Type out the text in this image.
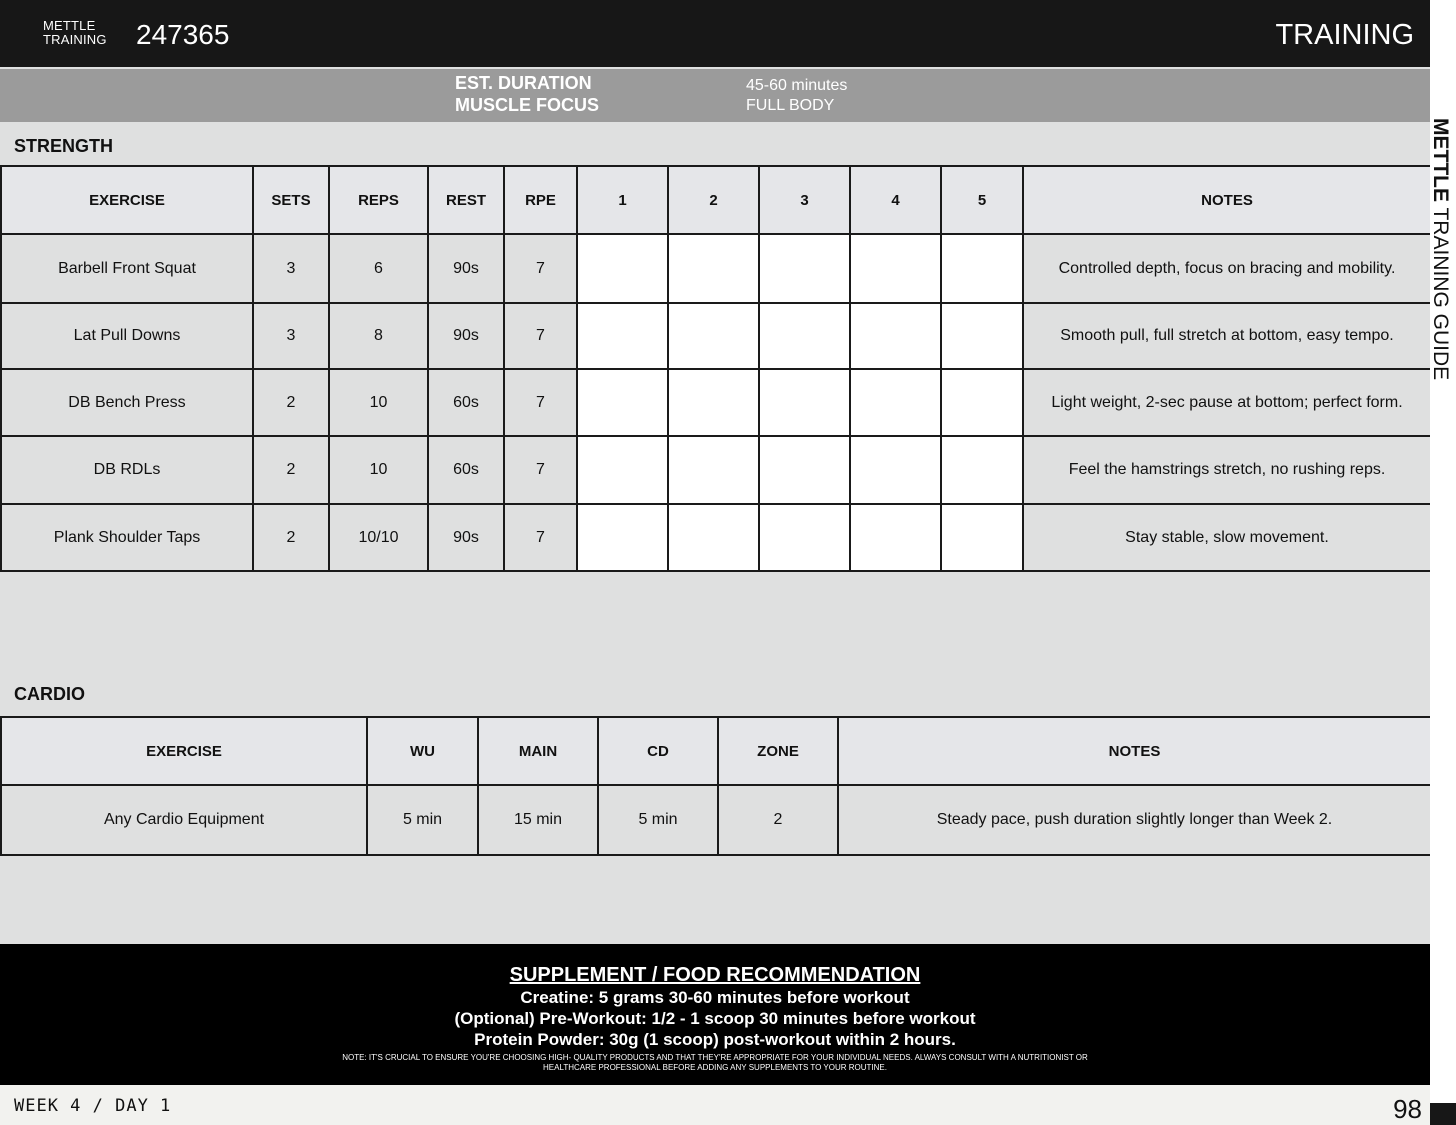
METTLE
TRAINING 247365	TRAINING
EST. DURATION	45-60 minutes
MUSCLE FOCUS	FULL BODY
STRENGTH
EXERCISE	SETS	REPS	REST	RPE	1	2	3	4	5	NOTES
Barbell Front Squat	3	6	90s	7						Controlled depth, focus on bracing and mobility.
Lat Pull Downs	3	8	90s	7						Smooth pull, full stretch at bottom, easy tempo.
DB Bench Press	2	10	60s	7						Light weight, 2-sec pause at bottom; perfect form.
DB RDLs	2	10	60s	7						Feel the hamstrings stretch, no rushing reps.
Plank Shoulder Taps	2	10/10	90s	7						Stay stable, slow movement.
CARDIO
EXERCISE	WU	MAIN	CD	ZONE	NOTES
Any Cardio Equipment	5 min	15 min	5 min	2	Steady pace, push duration slightly longer than Week 2.
SUPPLEMENT / FOOD RECOMMENDATION
Creatine: 5 grams 30-60 minutes before workout
(Optional) Pre-Workout: 1/2 - 1 scoop 30 minutes before workout
Protein Powder: 30g (1 scoop) post-workout within 2 hours.
NOTE: IT'S CRUCIAL TO ENSURE YOU'RE CHOOSING HIGH- QUALITY PRODUCTS AND THAT THEY'RE APPROPRIATE FOR YOUR INDIVIDUAL NEEDS. ALWAYS CONSULT WITH A NUTRITIONIST OR HEALTHCARE PROFESSIONAL BEFORE ADDING ANY SUPPLEMENTS TO YOUR ROUTINE.
WEEK 4 / DAY 1	98
METTLE TRAINING GUIDE
